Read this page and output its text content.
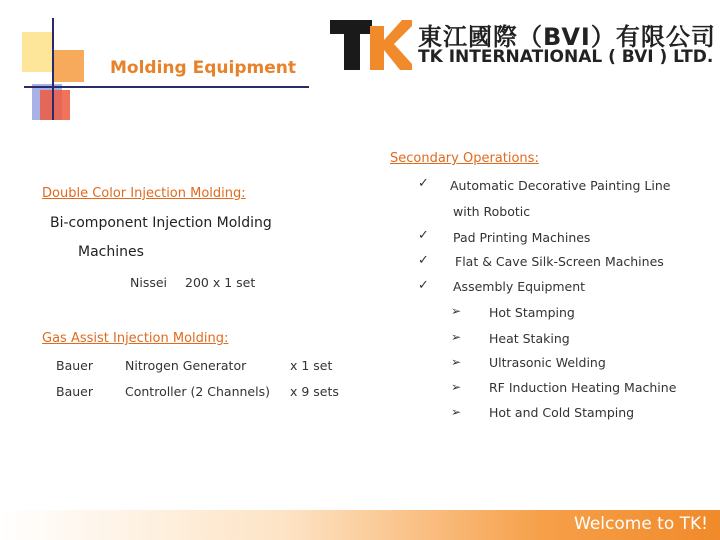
Molding Equipment
東江國際（BVI）有限公司
TK INTERNATIONAL ( BVI ) LTD.
Double Color Injection Molding:
Bi-component Injection Molding
Machines
Nissei 200 x 1 set
Gas Assist Injection Molding:
Bauer	Nitrogen Generator	x 1 set
Bauer	Controller (2 Channels) x 9 sets
Secondary Operations:
✓ Automatic Decorative Painting Line
with Robotic
✓ Pad Printing Machines
✓ Flat & Cave Silk-Screen Machines
✓ Assembly Equipment
➢ Hot Stamping
➢ Heat Staking
➢ Ultrasonic Welding
➢ RF Induction Heating Machine
➢ Hot and Cold Stamping
Welcome to TK!
